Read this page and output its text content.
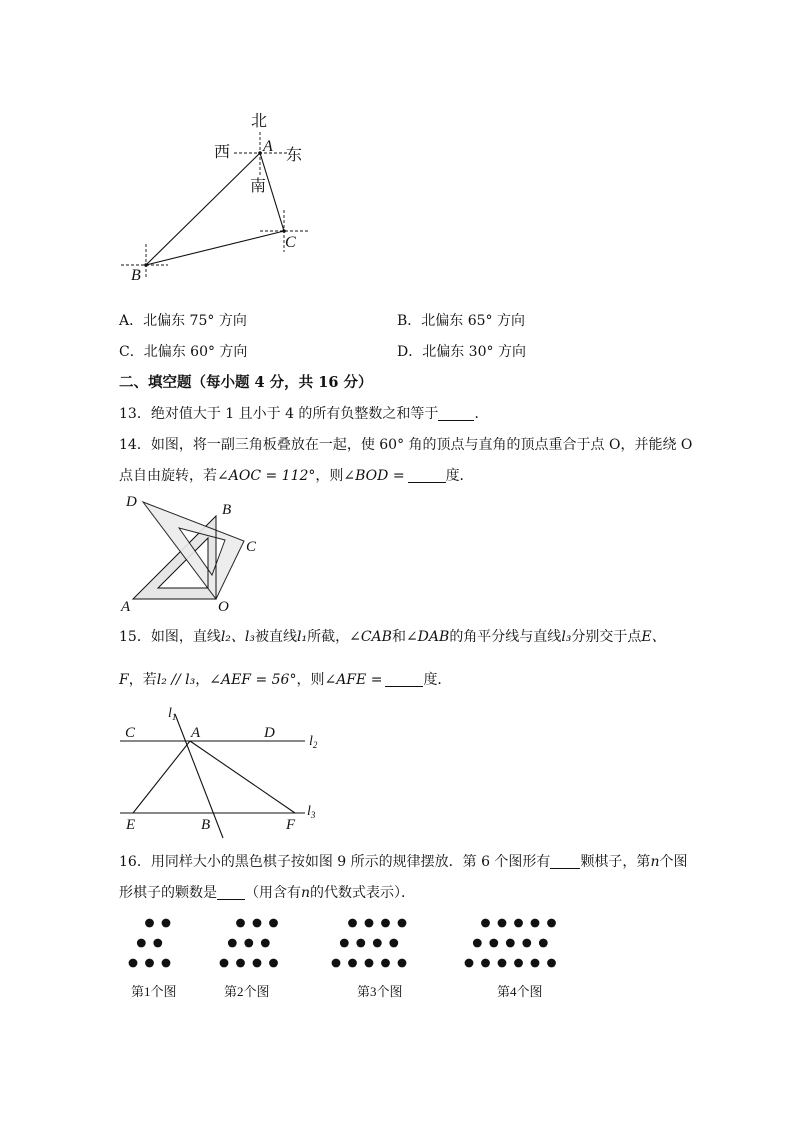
北
西	东
南
A
C
B
A．北偏东 75° 方向	B．北偏东 65° 方向
C．北偏东 60° 方向	D．北偏东 30° 方向
二、填空题（每小题 4 分，共 16 分）
13．绝对值大于 1 且小于 4 的所有负整数之和等于	．
14．如图，将一副三角板叠放在一起，使 60° 角的顶点与直角的顶点重合于点 O，并能绕 O
点自由旋转，若∠AOC = 112°，则∠BOD =	度．
D	B
C
A	O
15．如图，直线l₂、l₃被直线l₁所截，∠CAB和∠DAB的角平分线与直线l₃分别交于点E、
F，若l₂ // l₃，∠AEF = 56°，则∠AFE =	度．
$l_1$
C	A	D
$l_2$
$l_3$
E	B	F
16．用同样大小的黑色棋子按如图 9 所示的规律摆放．第 6 个图形有 颗棋子，第n个图
形棋子的颗数是 （用含有n的代数式表示）．
第1个图	第2个图	第3个图	第4个图
